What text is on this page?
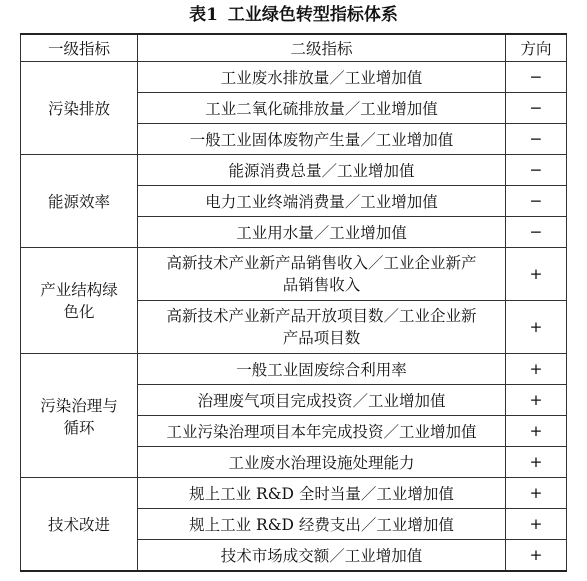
表1 工业绿色转型指标体系
一级指标	二级指标	方向
污染排放	工业废水排放量／工业增加值	−
	工业二氧化硫排放量／工业增加值	−
	一般工业固体废物产生量／工业增加值	−
能源效率	能源消费总量／工业增加值	−
	电力工业终端消费量／工业增加值	−
	工业用水量／工业增加值	−
产业结构绿色化	高新技术产业新产品销售收入／工业企业新产品销售收入	+
	高新技术产业新产品开放项目数／工业企业新产品项目数	+
污染治理与循环	一般工业固废综合利用率	+
	治理废气项目完成投资／工业增加值	+
	工业污染治理项目本年完成投资／工业增加值	+
	工业废水治理设施处理能力	+
技术改进	规上工业 R&D 全时当量／工业增加值	+
	规上工业 R&D 经费支出／工业增加值	+
	技术市场成交额／工业增加值	+
